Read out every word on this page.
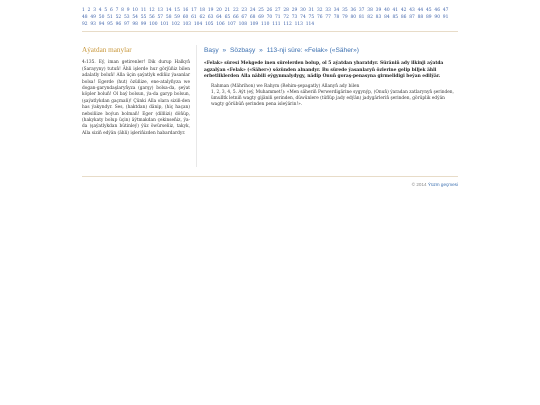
1 2 3 4 5 6 7 8 9 10 11 12 13 14 15 16 17 18 19 20 21 22 23 24 25 26 27 28 29 30 31 32 33 34 35 36 37 38 39 40 41 42 43 44 45 46 47 48 49 50 51 52 53 54 55 56 57 58 59 60 61 62 63 64 65 66 67 68 69 70 71 72 73 74 75 76 77 78 79 80 81 82 83 84 85 86 87 88 89 90 91 92 93 94 95 96 97 98 99 100 101 102 103 104 105 106 107 108 109 110 111 112 113 114
Aýatdan manylar
4:135. Eý, iman getirenler! Dik durup Halkyň (Sarayyny) tutuň! Ähli işlerde hur görjüňiz bilen adalatly boluň! Alla üçin şaýatlyk ediňiz ýasanlar bolsa! Egerde (hut) özüňize, ene-atalyňyza we dogan-garyndaşlaryňyza (garşy) bolsa-da, şeýat köpler boluň! Ol baý bolsun, ýa-da garyp bolsun, (şaýatlykdan gaçmaň)! Çünki Alla olara siziň-den has ýakyndyr. Ses, (haktdan) dänip, (hiç haçan) nebsiňize boýun bolmaň! Eger (dilňizi) döňüp, (hakykaty bolup üçin) äýtmakdan çekinseňiz, ýa-da (şaýatlykdan bütinleý) ýüz öwürseňiz, takyk, Alla siziň edýän (ähli) işleriňizden habardardyr.
Başy » Sözbaşy » 113-nji süre: «Felak» («Säher»)
«Felak» süresi Mekgede inen sürelerden bolup, ol 5 aýatdan ybaratdyr. Süräniň ady ilkinji aýatda agzalýan «Felak» («Säher») sözünden alnandyr. Bu sürede ýasanlaryň özlerine gelip biljek ähli erbetliklerden Alla näbili eýgynmalydygy, nädip Onuň goraş-penasyna girmelidigi beýan edilýär.
Rahman (Mährihon) we Rahym (Rehim-şepagatly) Allanyň ady bilen
1, 2, 3, 4, 5. Aýt (eý, Muhammet!): «Men säheriň Perwerdigärine sygynýp, (Onuň) ýaradan zatlarynyň şerinden, ümulltk letniň wagty gijäniň şerinden, düwünlere (tüflüp jady edýän) jadygärleriň şerinden, görüplik edýän wagty görübüň şerinden pena isleýärin!».
© 2014 Ýüzm geçmesi
